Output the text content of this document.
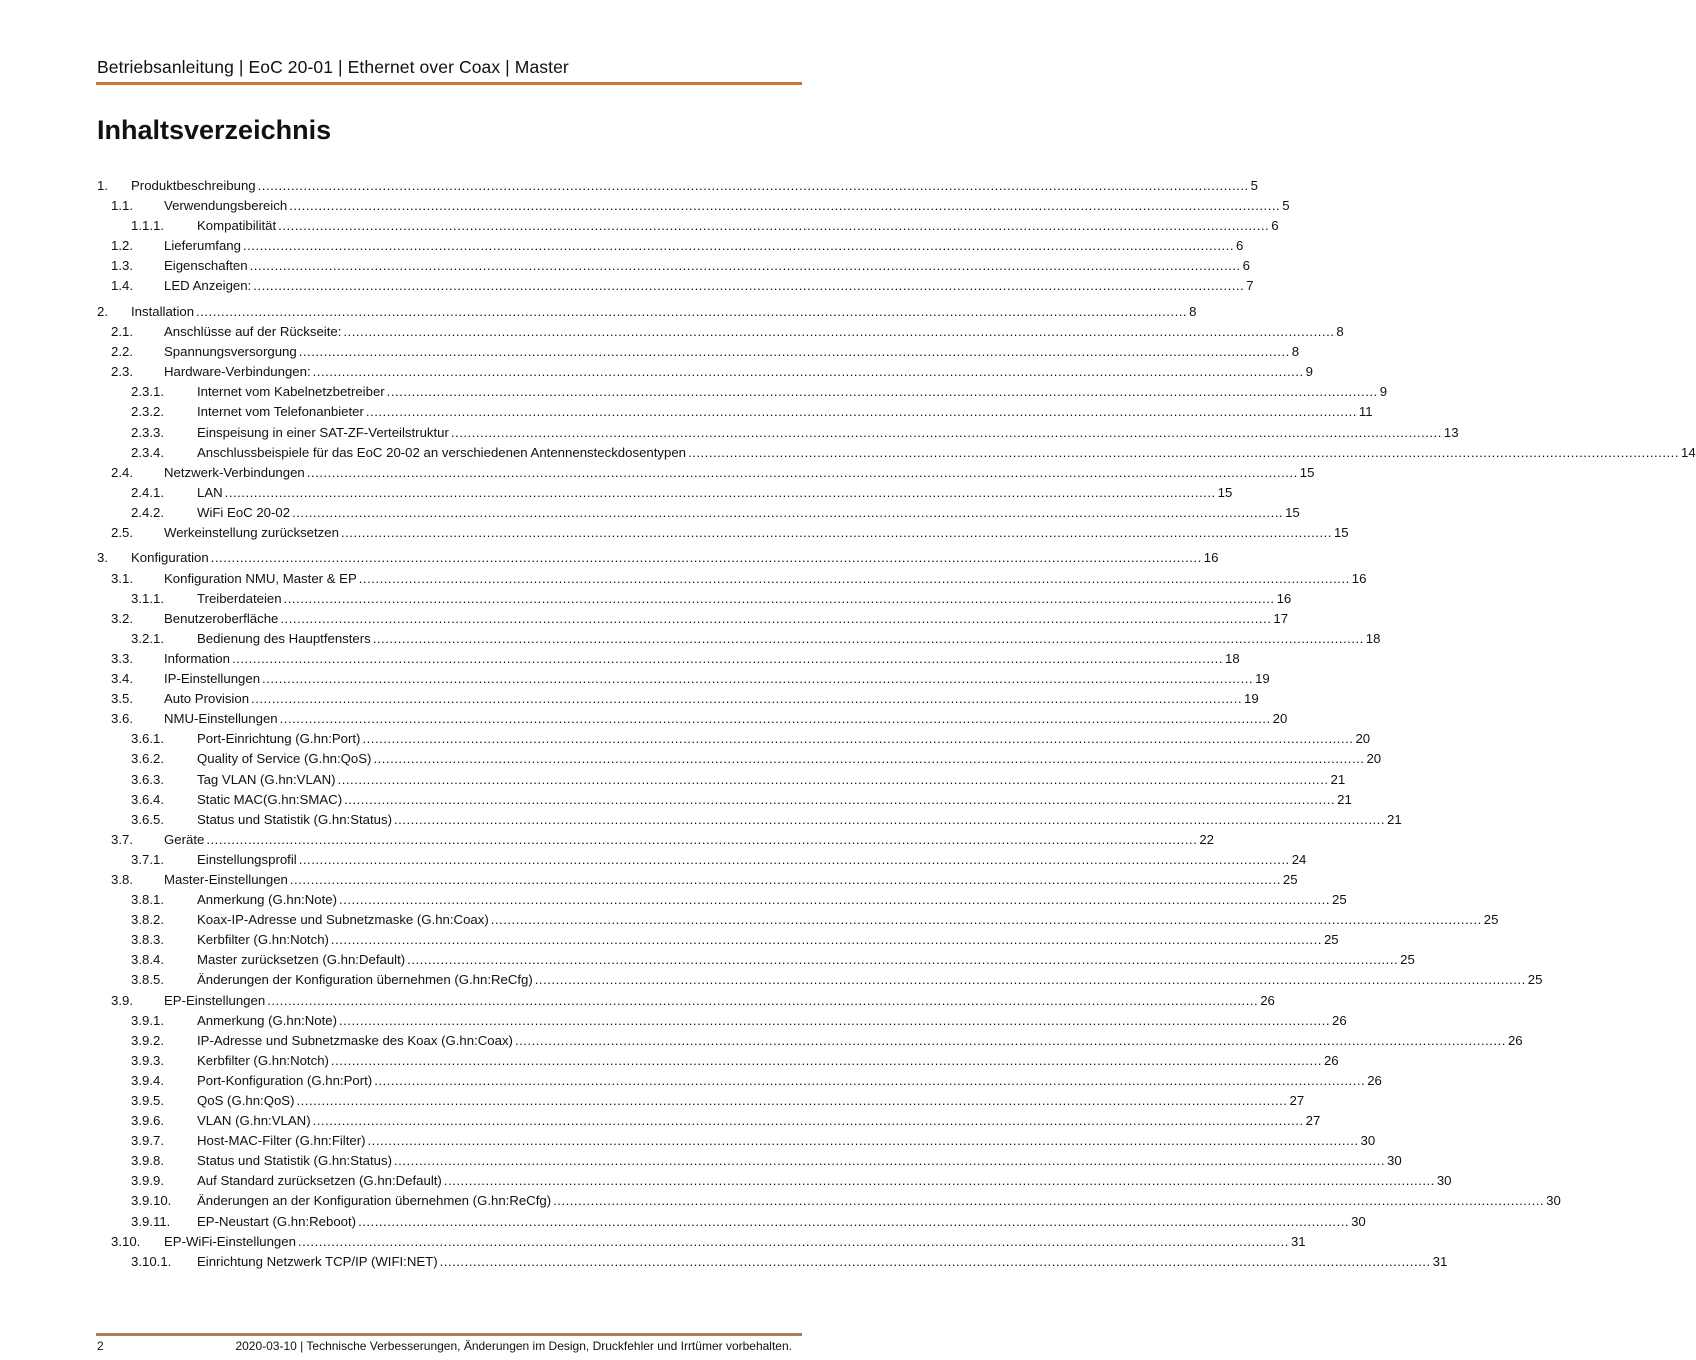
Betriebsanleitung | EoC 20-01 | Ethernet over Coax | Master
Inhaltsverzeichnis
1. Produktbeschreibung .....	5
1.1. Verwendungsbereich .....	5
1.1.1.	Kompatibilität .....	6
1.2. Lieferumfang .....	6
1.3. Eigenschaften .....	6
1.4. LED Anzeigen: .....	7
2. Installation .....	8
2.1. Anschlüsse auf der Rückseite: .....	8
2.2. Spannungsversorgung .....	8
2.3. Hardware-Verbindungen: .....	9
2.3.1.	Internet vom Kabelnetzbetreiber .....	9
2.3.2.	Internet vom Telefonanbieter .....	11
2.3.3.	Einspeisung in einer SAT-ZF-Verteilstruktur .....	13
2.3.4.	Anschlussbeispiele für das EoC 20-02 an verschiedenen Antennensteckdosentypen .....	14
2.4. Netzwerk-Verbindungen .....	15
2.4.1.	LAN .....	15
2.4.2.	WiFi EoC 20-02 .....	15
2.5. Werkeinstellung zurücksetzen .....	15
3. Konfiguration .....	16
3.1. Konfiguration NMU, Master & EP .....	16
3.1.1.	Treiberdateien .....	16
3.2. Benutzeroberfläche .....	17
3.2.1.	Bedienung des Hauptfensters .....	18
3.3. Information .....	18
3.4. IP-Einstellungen .....	19
3.5. Auto Provision .....	19
3.6. NMU-Einstellungen .....	20
3.6.1.	Port-Einrichtung (G.hn:Port) .....	20
3.6.2.	Quality of Service (G.hn:QoS) .....	20
3.6.3.	Tag VLAN (G.hn:VLAN) .....	21
3.6.4.	Static MAC(G.hn:SMAC) .....	21
3.6.5.	Status und Statistik (G.hn:Status) .....	21
3.7. Geräte .....	22
3.7.1.	Einstellungsprofil .....	24
3.8. Master-Einstellungen .....	25
3.8.1.	Anmerkung (G.hn:Note) .....	25
3.8.2.	Koax-IP-Adresse und Subnetzmaske (G.hn:Coax) .....	25
3.8.3.	Kerbfilter (G.hn:Notch) .....	25
3.8.4.	Master zurücksetzen (G.hn:Default) .....	25
3.8.5.	Änderungen der Konfiguration übernehmen (G.hn:ReCfg) .....	25
3.9. EP-Einstellungen .....	26
3.9.1.	Anmerkung (G.hn:Note) .....	26
3.9.2.	IP-Adresse und Subnetzmaske des Koax (G.hn:Coax) .....	26
3.9.3.	Kerbfilter (G.hn:Notch) .....	26
3.9.4.	Port-Konfiguration (G.hn:Port) .....	26
3.9.5.	QoS (G.hn:QoS) .....	27
3.9.6.	VLAN (G.hn:VLAN) .....	27
3.9.7.	Host-MAC-Filter (G.hn:Filter) .....	30
3.9.8.	Status und Statistik (G.hn:Status) .....	30
3.9.9.	Auf Standard zurücksetzen (G.hn:Default) .....	30
3.9.10. Änderungen an der Konfiguration übernehmen (G.hn:ReCfg) .....	30
3.9.11. EP-Neustart (G.hn:Reboot) .....	30
3.10. EP-WiFi-Einstellungen .....	31
3.10.1. Einrichtung Netzwerk TCP/IP (WIFI:NET) .....	31
2	2020-03-10 | Technische Verbesserungen, Änderungen im Design, Druckfehler und Irrtümer vorbehalten.
